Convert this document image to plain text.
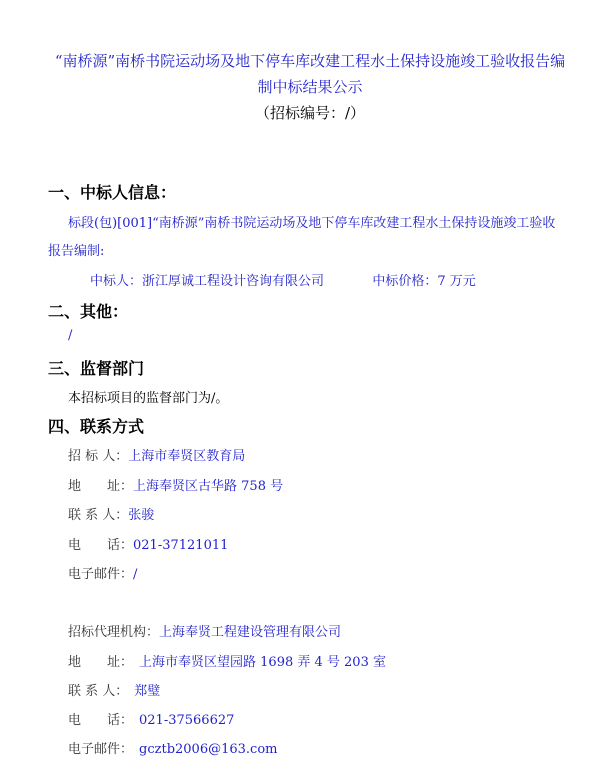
“南桥源”南桥书院运动场及地下停车库改建工程水土保持设施竣工验收报告编
制中标结果公示
（招标编号：/）
一、中标人信息：
标段(包)[001]“南桥源”南桥书院运动场及地下停车库改建工程水土保持设施竣工验收
报告编制:
中标人：浙江厚诚工程设计咨询有限公司	中标价格：7 万元
二、其他：
/
三、监督部门
本招标项目的监督部门为/。
四、联系方式
招 标 人：上海市奉贤区教育局
地　　址：上海奉贤区古华路 758 号
联 系 人：张骏
电　　话：021-37121011
电子邮件：/
招标代理机构：上海奉贤工程建设管理有限公司
地　　址： 上海市奉贤区望园路 1698 弄 4 号 203 室
联 系 人： 郑璧
电　　话： 021-37566627
电子邮件： gcztb2006@163.com
